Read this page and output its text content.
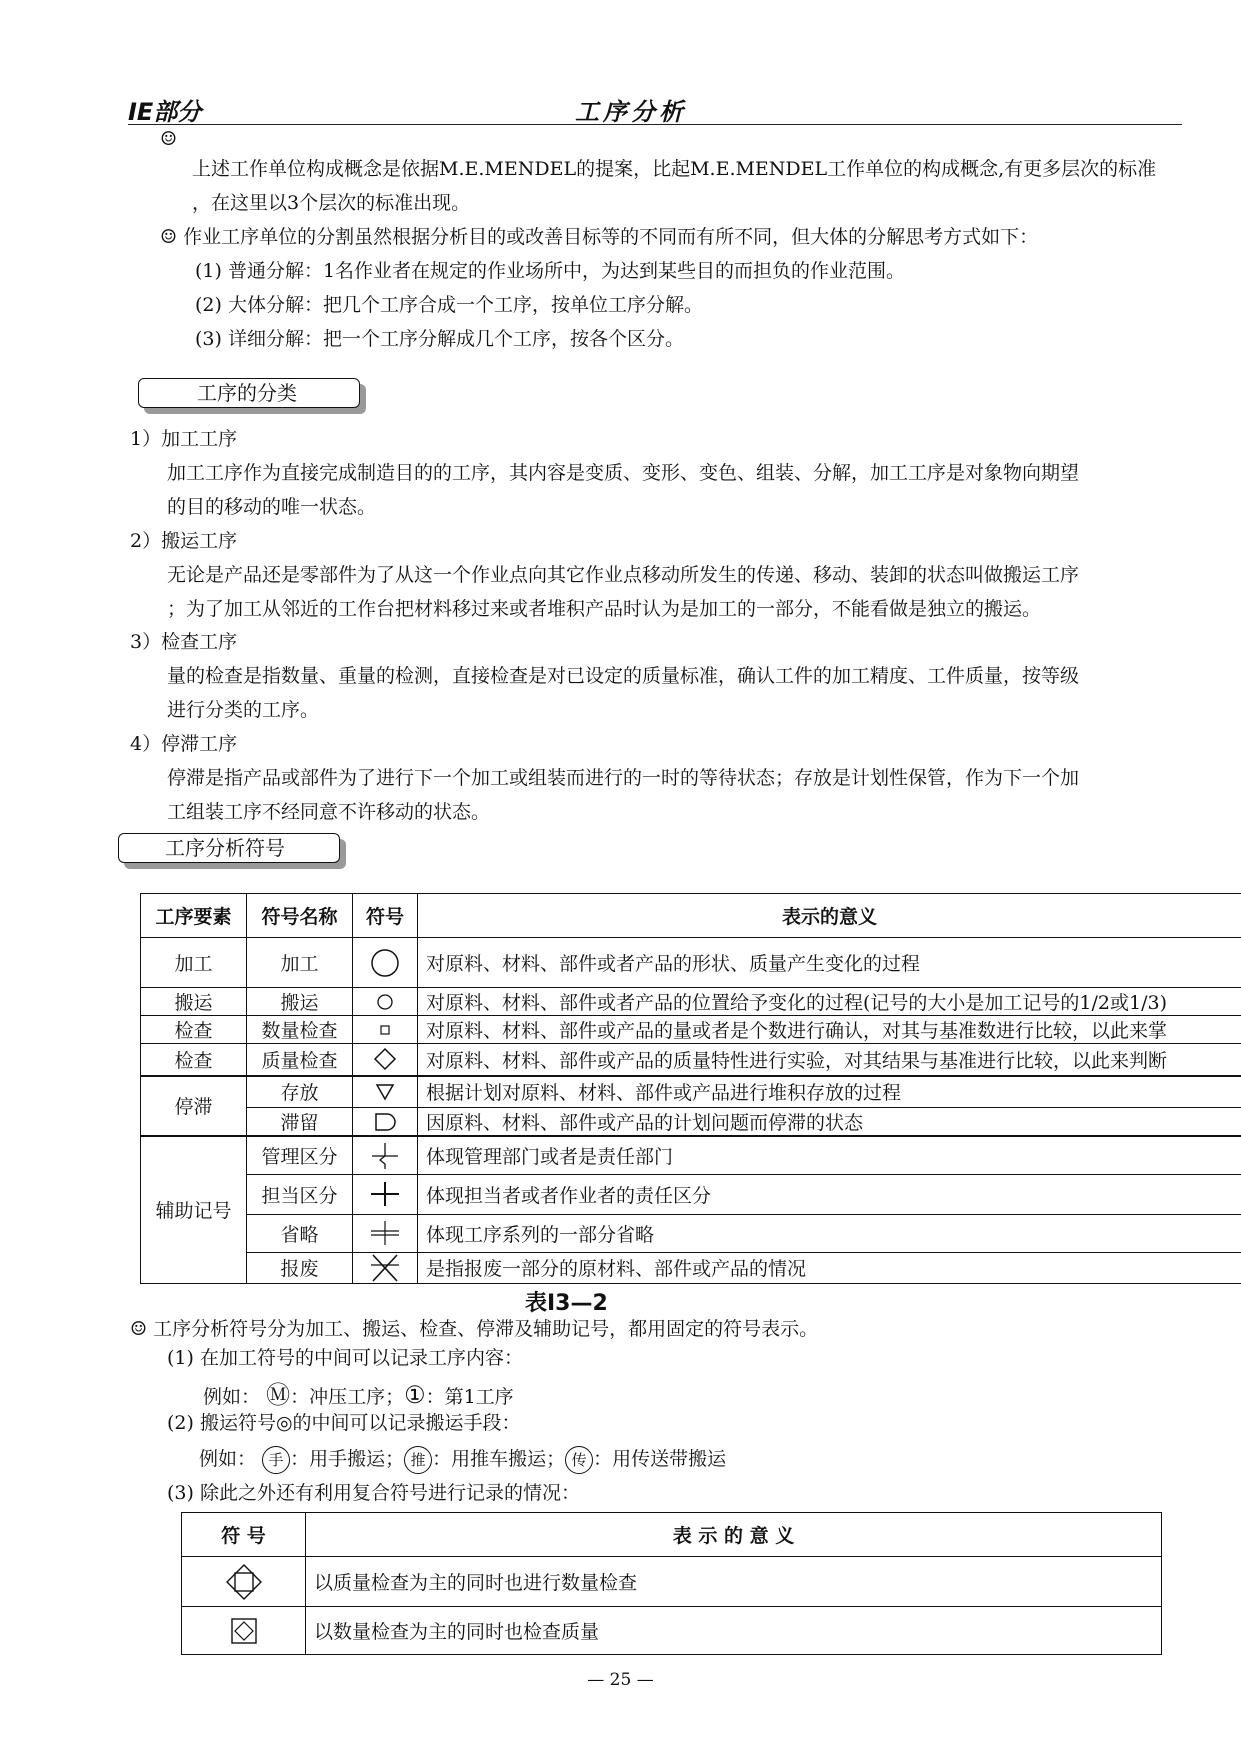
IE部分	工序分析
☺
上述工作单位构成概念是依据M.E.MENDEL的提案，比起M.E.MENDEL工作单位的构成概念,有更多层次的标准
，在这里以3个层次的标准出现。
☺ 作业工序单位的分割虽然根据分析目的或改善目标等的不同而有所不同，但大体的分解思考方式如下：
(1) 普通分解：1名作业者在规定的作业场所中，为达到某些目的而担负的作业范围。
(2) 大体分解：把几个工序合成一个工序，按单位工序分解。
(3) 详细分解：把一个工序分解成几个工序，按各个区分。
工序的分类
1）加工工序
加工工序作为直接完成制造目的的工序，其内容是变质、变形、变色、组装、分解，加工工序是对象物向期望
的目的移动的唯一状态。
2）搬运工序
无论是产品还是零部件为了从这一个作业点向其它作业点移动所发生的传递、移动、装卸的状态叫做搬运工序
；为了加工从邻近的工作台把材料移过来或者堆积产品时认为是加工的一部分，不能看做是独立的搬运。
3）检查工序
量的检查是指数量、重量的检测，直接检查是对已设定的质量标准，确认工件的加工精度、工件质量，按等级
进行分类的工序。
4）停滞工序
停滞是指产品或部件为了进行下一个加工或组装而进行的一时的等待状态；存放是计划性保管，作为下一个加
工组装工序不经同意不许移动的状态。
工序分析符号
工序要素	符号名称	符号	表示的意义
加工	加工		对原料、材料、部件或者产品的形状、质量产生变化的过程
搬运	搬运		对原料、材料、部件或者产品的位置给予变化的过程(记号的大小是加工记号的1/2或1/3)
检查	数量检查		对原料、材料、部件或产品的量或者是个数进行确认，对其与基准数进行比较，以此来掌
检查	质量检查		对原料、材料、部件或产品的质量特性进行实验，对其结果与基准进行比较，以此来判断
停滞	存放		根据计划对原料、材料、部件或产品进行堆积存放的过程
	滞留		因原料、材料、部件或产品的计划问题而停滞的状态
辅助记号	管理区分		体现管理部门或者是责任部门
	担当区分		体现担当者或者作业者的责任区分
	省略		体现工序系列的一部分省略
	报废		是指报废一部分的原材料、部件或产品的情况
表I3—2
☺ 工序分析符号分为加工、搬运、检查、停滞及辅助记号，都用固定的符号表示。
(1) 在加工符号的中间可以记录工序内容：
例如： Ⓜ：冲压工序；①：第1工序
(2) 搬运符号◎的中间可以记录搬运手段：
例如： 手 ：用手搬运； 推 ：用推车搬运； 传 ：用传送带搬运
(3) 除此之外还有利用复合符号进行记录的情况：
符 号	表 示 的 意 义

	以质量检查为主的同时也进行数量检查

	以数量检查为主的同时也检查质量
— 25 —
